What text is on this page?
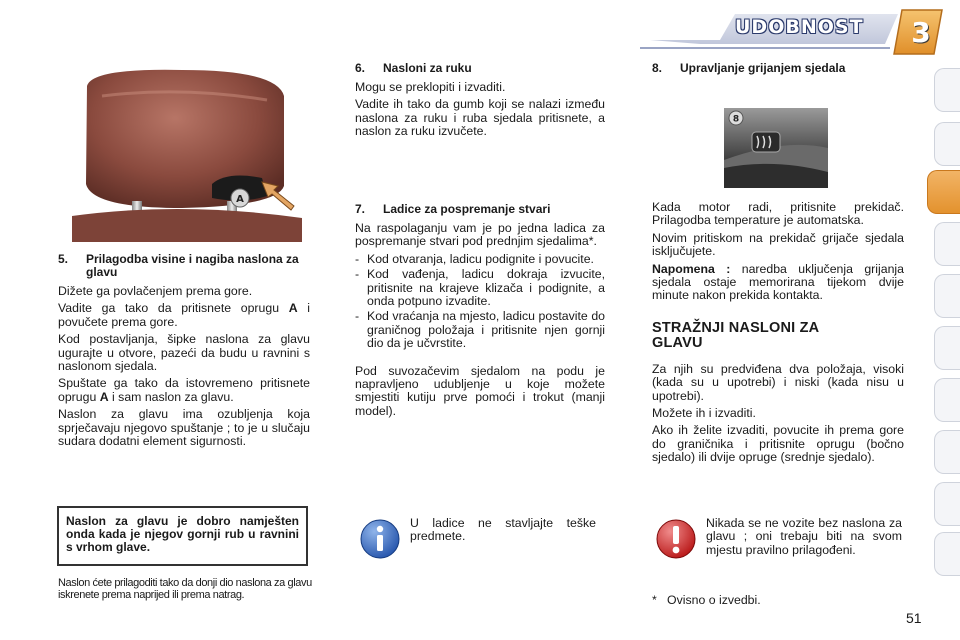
UDOBNOST 3
A
5.	Prilagodba visine i nagiba naslona za glavu

Dižete ga povlačenjem prema gore.

Vadite ga tako da pritisnete oprugu A i povučete prema gore.

Kod postavljanja, šipke naslona za glavu ugurajte u otvore, pazeći da budu u ravnini s naslonom sjedala.

Spuštate ga tako da istovremeno pritisnete oprugu A i sam naslon za glavu.

Naslon za glavu ima ozubljenja koja sprječavaju njegovo spuštanje ; to je u slučaju sudara dodatni element sigurnosti.

Naslon za glavu je dobro namješten onda kada je njegov gornji rub u ravnini s vrhom glave.
Naslon ćete prilagoditi tako da donji dio naslona za glavu iskrenete prema naprijed ili prema natrag.
6.	Nasloni za ruku

Mogu se preklopiti i izvaditi.

Vadite ih tako da gumb koji se nalazi između naslona za ruku i ruba sjedala pritisnete, a naslon za ruku izvučete.

7.	Ladice za pospremanje stvari

Na raspolaganju vam je po jedna ladica za pospremanje stvari pod prednjim sjedalima*.

- Kod otvaranja, ladicu podignite i povucite.
- Kod vađenja, ladicu dokraja izvucite, pritisnite na krajeve klizača i podignite, a onda potpuno izvadite.
- Kod vraćanja na mjesto, ladicu postavite do graničnog položaja i pritisnite njen gornji dio da je učvrstite.

Pod suvozačevim sjedalom na podu je napravljeno udubljenje u koje možete smjestiti kutiju prve pomoći i trokut (manji model).

U ladice ne stavljajte teške predmete.
8.	Upravljanje grijanjem sjedala
8

Kada motor radi, pritisnite prekidač. Prilagodba temperature je automatska.

Novim pritiskom na prekidač grijače sjedala isključujete.

Napomena : naredba uključenja grijanja sjedala ostaje memorirana tijekom dvije minute nakon prekida kontakta.

STRAŽNJI NASLONI ZA GLAVU

Za njih su predviđena dva položaja, visoki (kada su u upotrebi) i niski (kada nisu u upotrebi).

Možete ih i izvaditi.

Ako ih želite izvaditi, povucite ih prema gore do graničnika i pritisnite oprugu (bočno sjedalo) ili dvije opruge (srednje sjedalo).

Nikada se ne vozite bez naslona za glavu ; oni trebaju biti na svom mjestu pravilno prilagođeni.
*   Ovisno o izvedbi.
51
